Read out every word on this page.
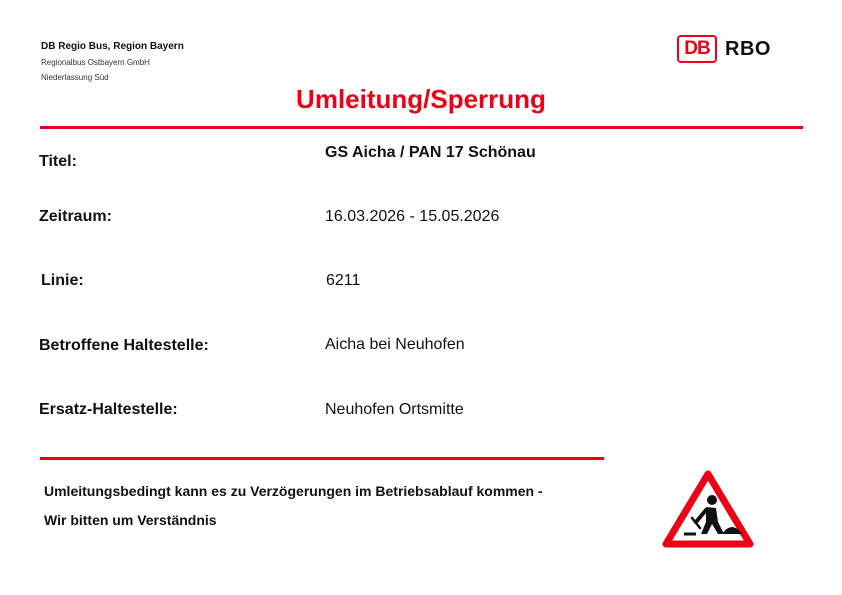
DB Regio Bus, Region Bayern
Regionalbus Ostbayern GmbH
Niederlassung Süd
DB RBO
Umleitung/Sperrung
Titel:
GS Aicha / PAN 17 Schönau
Zeitraum:	16.03.2026 - 15.05.2026
Linie:	6211
Betroffene Haltestelle:	Aicha bei Neuhofen
Ersatz-Haltestelle:	Neuhofen Ortsmitte
Umleitungsbedingt kann es zu Verzögerungen im Betriebsablauf kommen -
Wir bitten um Verständnis
